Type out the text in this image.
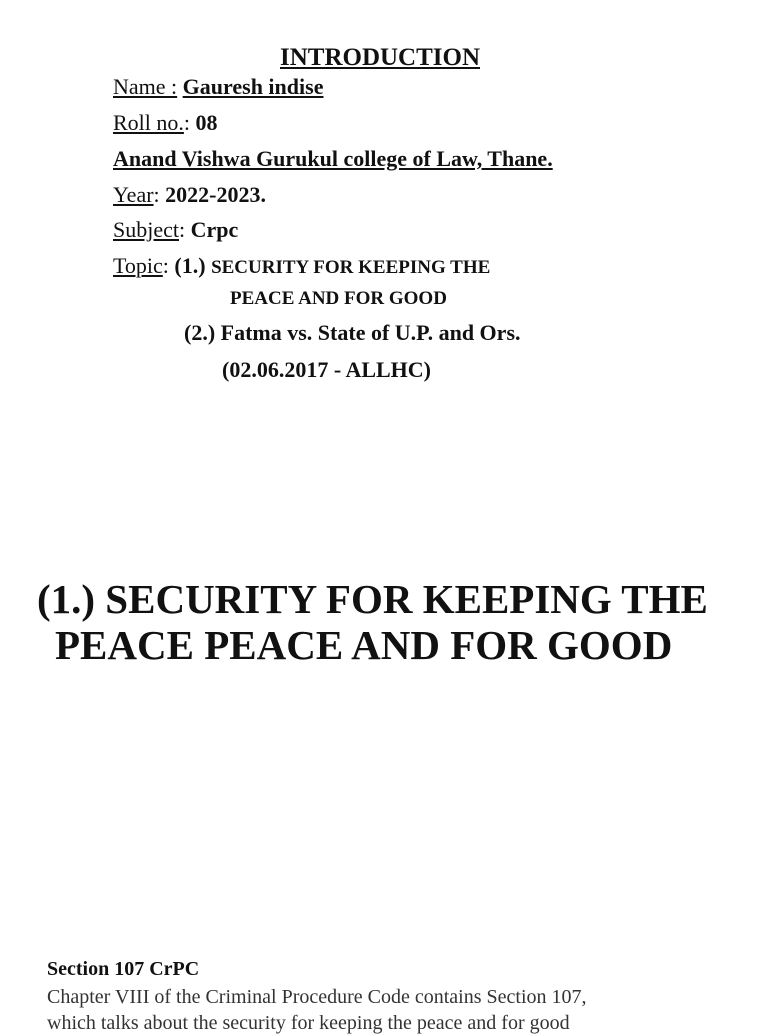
INTRODUCTION
Name : Gauresh indise
Roll no.: 08
Anand Vishwa Gurukul college of Law, Thane.
Year: 2022-2023.
Subject: Crpc
Topic: (1.) SECURITY FOR KEEPING THE
PEACE AND FOR GOOD
(2.) Fatma vs. State of U.P. and Ors.
(02.06.2017 - ALLHC)
(1.) SECURITY FOR KEEPING THE
PEACE PEACE AND FOR GOOD
Section 107 CrPC
Chapter VIII of the Criminal Procedure Code contains Section 107,
which talks about the security for keeping the peace and for good
